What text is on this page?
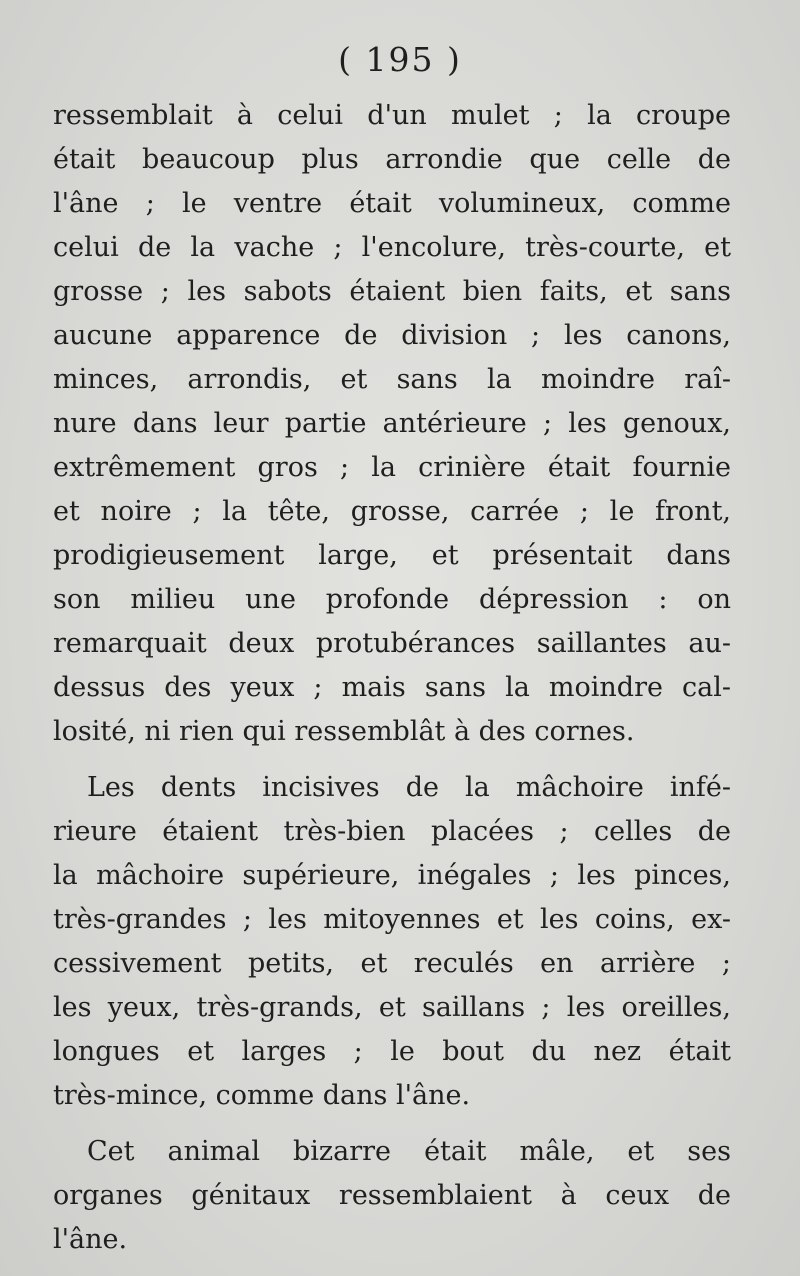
( 195 )
ressemblait à celui d'un mulet ; la croupe
était beaucoup plus arrondie que celle de
l'âne ; le ventre était volumineux, comme
celui de la vache ; l'encolure, très-courte, et
grosse ; les sabots étaient bien faits, et sans
aucune apparence de division ; les canons,
minces, arrondis, et sans la moindre raî-
nure dans leur partie antérieure ; les genoux,
extrêmement gros ; la crinière était fournie
et noire ; la tête, grosse, carrée ; le front,
prodigieusement large, et présentait dans
son milieu une profonde dépression : on
remarquait deux protubérances saillantes au-
dessus des yeux ; mais sans la moindre cal-
losité, ni rien qui ressemblât à des cornes.
Les dents incisives de la mâchoire infé-
rieure étaient très-bien placées ; celles de
la mâchoire supérieure, inégales ; les pinces,
très-grandes ; les mitoyennes et les coins, ex-
cessivement petits, et reculés en arrière ;
les yeux, très-grands, et saillans ; les oreilles,
longues et larges ; le bout du nez était
très-mince, comme dans l'âne.
Cet animal bizarre était mâle, et ses
organes génitaux ressemblaient à ceux de
l'âne.
